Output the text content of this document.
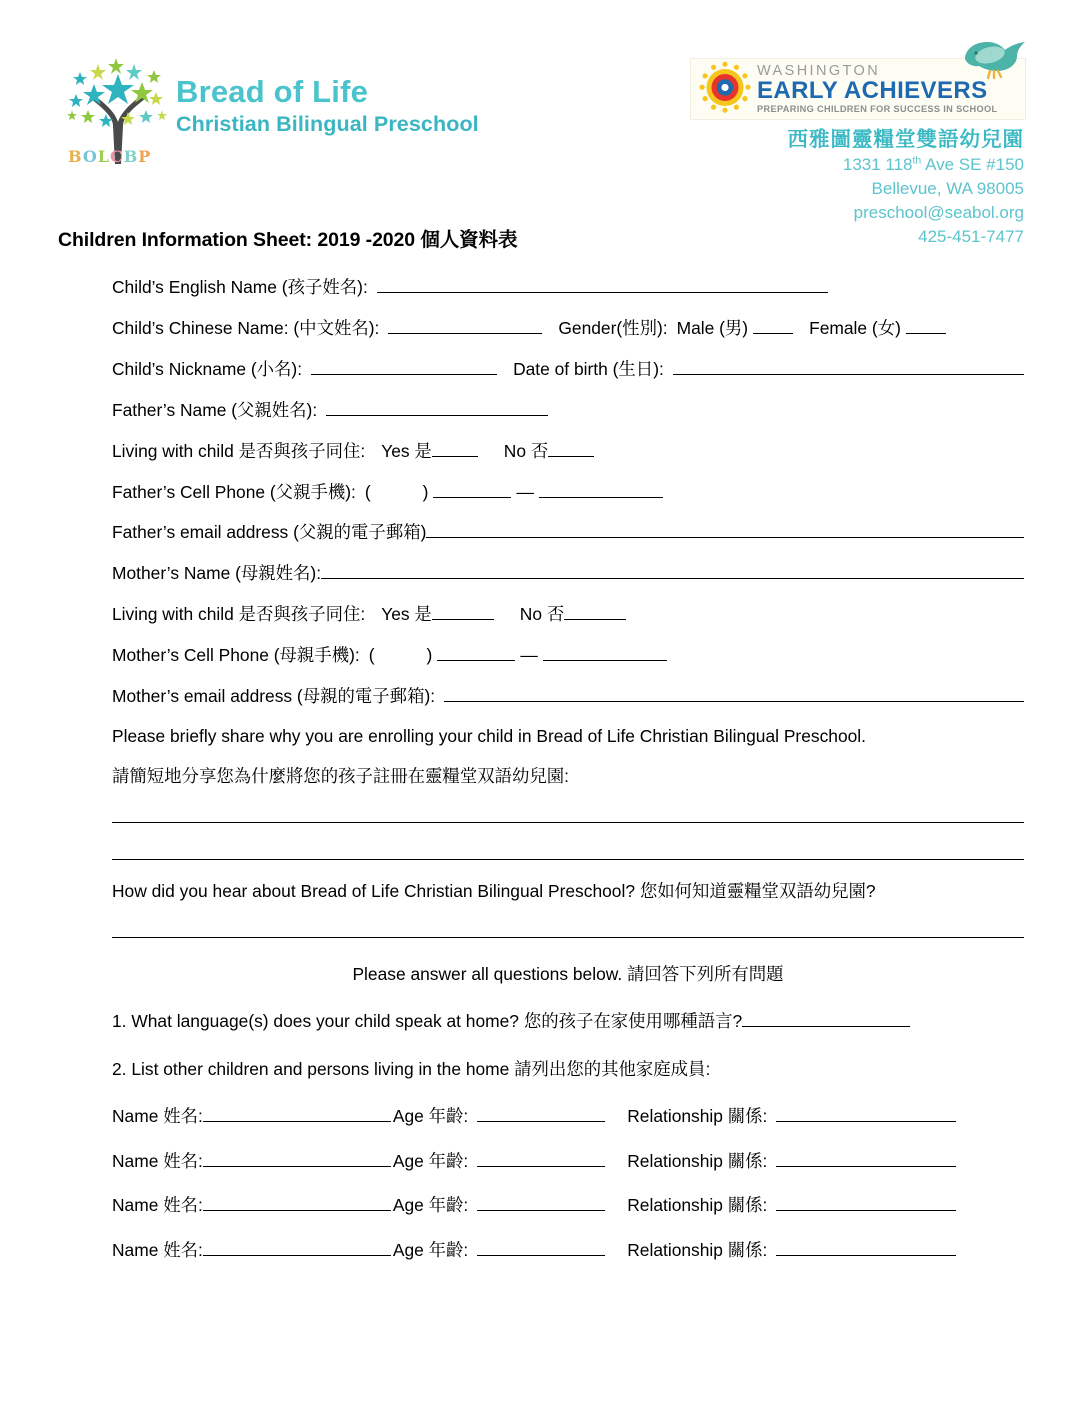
BOLCBP
Bread of Life
Christian Bilingual Preschool
WASHINGTON
EARLY ACHIEVERS
PREPARING CHILDREN FOR SUCCESS IN SCHOOL
西雅圖靈糧堂雙語幼兒園
1331 118th Ave SE #150
Bellevue, WA 98005
preschool@seabol.org
425-451-7477
Children Information Sheet: 2019 -2020 個人資料表
Child’s English Name (孩子姓名):
Child’s Chinese Name: (中文姓名):	Gender(性別): Male (男)	Female (女)
Child’s Nickname (小名):	Date of birth (生日):
Father’s Name (父親姓名):
Living with child 是否與孩子同住: Yes 是	No 否
Father’s Cell Phone (父親手機): (	)	—
Father’s email address (父親的電子郵箱)
Mother’s Name (母親姓名):
Living with child 是否與孩子同住: Yes 是	No 否
Mother’s Cell Phone (母親手機): (	)	—
Mother’s email address (母親的電子郵箱):
Please briefly share why you are enrolling your child in Bread of Life Christian Bilingual Preschool.
請簡短地分享您為什麼將您的孩子註冊在靈糧堂双語幼兒園:
How did you hear about Bread of Life Christian Bilingual Preschool? 您如何知道靈糧堂双語幼兒園?
Please answer all questions below. 請回答下列所有問題
1. What language(s) does your child speak at home? 您的孩子在家使用哪種語言?
2. List other children and persons living in the home 請列出您的其他家庭成員:
Name 姓名:	Age 年齡:	Relationship 關係:
Name 姓名:	Age 年齡:	Relationship 關係:
Name 姓名:	Age 年齡:	Relationship 關係:
Name 姓名:	Age 年齡:	Relationship 關係:
